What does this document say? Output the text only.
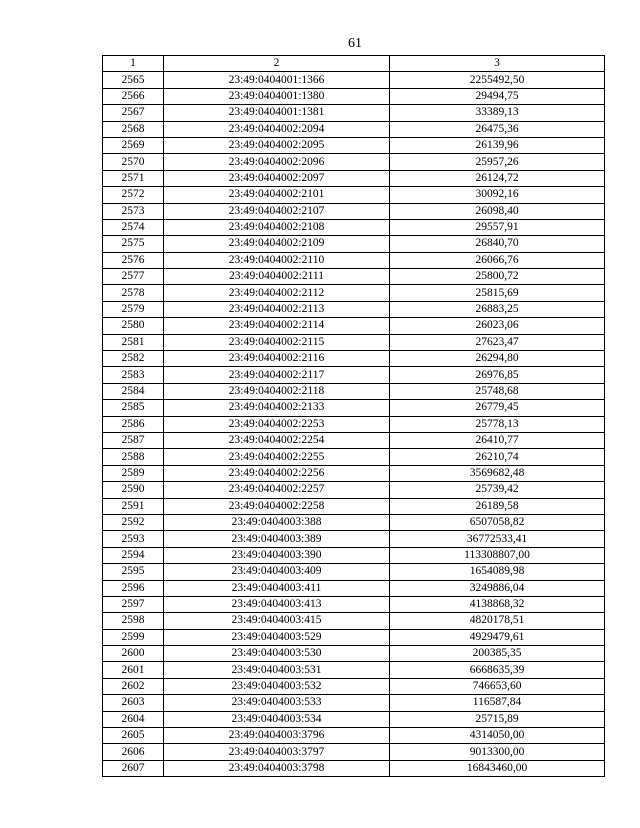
61
1	2	3
2565	23:49:0404001:1366	2255492,50
2566	23:49:0404001:1380	29494,75
2567	23:49:0404001:1381	33389,13
2568	23:49:0404002:2094	26475,36
2569	23:49:0404002:2095	26139,96
2570	23:49:0404002:2096	25957,26
2571	23:49:0404002:2097	26124,72
2572	23:49:0404002:2101	30092,16
2573	23:49:0404002:2107	26098,40
2574	23:49:0404002:2108	29557,91
2575	23:49:0404002:2109	26840,70
2576	23:49:0404002:2110	26066,76
2577	23:49:0404002:2111	25800,72
2578	23:49:0404002:2112	25815,69
2579	23:49:0404002:2113	26883,25
2580	23:49:0404002:2114	26023,06
2581	23:49:0404002:2115	27623,47
2582	23:49:0404002:2116	26294,80
2583	23:49:0404002:2117	26976,85
2584	23:49:0404002:2118	25748,68
2585	23:49:0404002:2133	26779,45
2586	23:49:0404002:2253	25778,13
2587	23:49:0404002:2254	26410,77
2588	23:49:0404002:2255	26210,74
2589	23:49:0404002:2256	3569682,48
2590	23:49:0404002:2257	25739,42
2591	23:49:0404002:2258	26189,58
2592	23:49:0404003:388	6507058,82
2593	23:49:0404003:389	36772533,41
2594	23:49:0404003:390	113308807,00
2595	23:49:0404003:409	1654089,98
2596	23:49:0404003:411	3249886,04
2597	23:49:0404003:413	4138868,32
2598	23:49:0404003:415	4820178,51
2599	23:49:0404003:529	4929479,61
2600	23:49:0404003:530	200385,35
2601	23:49:0404003:531	6668635,39
2602	23:49:0404003:532	746653,60
2603	23:49:0404003:533	116587,84
2604	23:49:0404003:534	25715,89
2605	23:49:0404003:3796	4314050,00
2606	23:49:0404003:3797	9013300,00
2607	23:49:0404003:3798	16843460,00
